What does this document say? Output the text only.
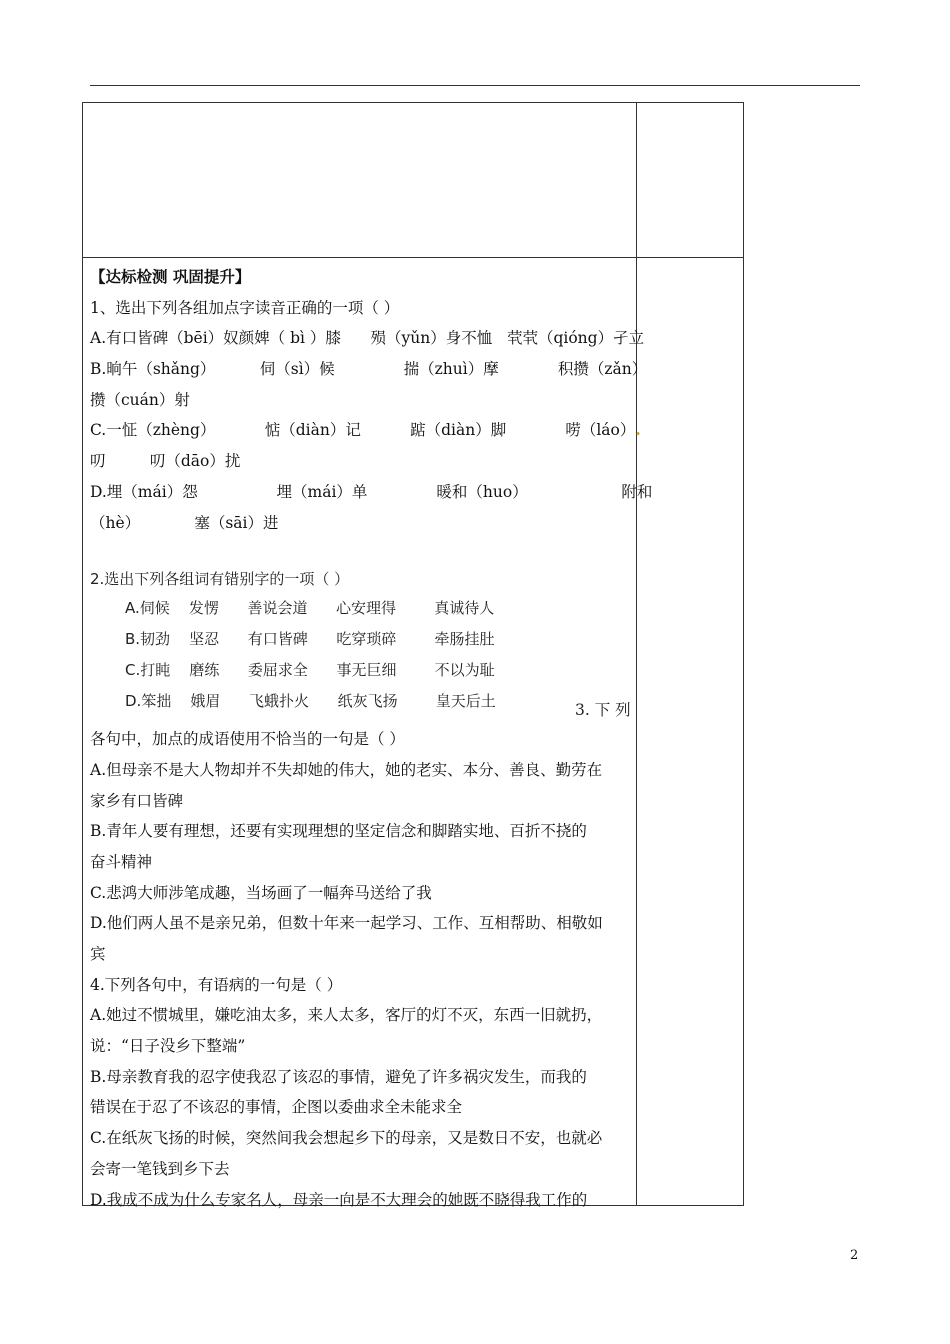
【达标检测 巩固提升】
1、选出下列各组加点字读音正确的一项（ ）
A.有口皆碑（bēi）奴颜婢（ bì ）膝      殒（yǔn）身不恤   茕茕（qióng）孑立
B.晌午（shǎng）         伺（sì）候              揣（zhuì）摩            积攒（zǎn）
攒（cuán）射
C.一怔（zhèng）          惦（diàn）记          踮（diàn）脚            唠（láo）.
叨         叨（dāo）扰
D.埋（mái）怨                埋（mái）单              暖和（huo）                   附和
（hè）           塞（sāi）进
2.选出下列各组词有错别字的一项（ ）
A.伺候    发愣      善说会道      心安理得        真诚待人
B.韧劲    坚忍      有口皆碑      吃穿琐碎        牵肠挂肚
C.打盹    磨练      委屈求全      事无巨细        不以为耻
D.笨拙    娥眉      飞蛾扑火      纸灰飞扬        皇天后土	3. 下 列
各句中，加点的成语使用不恰当的一句是（ ）
A.但母亲不是大人物却并不失却她的伟大，她的老实、本分、善良、勤劳在
家乡有口皆碑
B.青年人要有理想，还要有实现理想的坚定信念和脚踏实地、百折不挠的
奋斗精神
C.悲鸿大师涉笔成趣，当场画了一幅奔马送给了我
D.他们两人虽不是亲兄弟，但数十年来一起学习、工作、互相帮助、相敬如
宾
4.下列各句中，有语病的一句是（ ）
A.她过不惯城里，嫌吃油太多，来人太多，客厅的灯不灭，东西一旧就扔，
说：“日子没乡下整端”
B.母亲教育我的忍字使我忍了该忍的事情，避免了许多祸灾发生，而我的
错误在于忍了不该忍的事情，企图以委曲求全未能求全
C.在纸灰飞扬的时候，突然间我会想起乡下的母亲，又是数日不安，也就必
会寄一笔钱到乡下去
D.我成不成为什么专家名人，母亲一向是不大理会的她既不晓得我工作的
2
